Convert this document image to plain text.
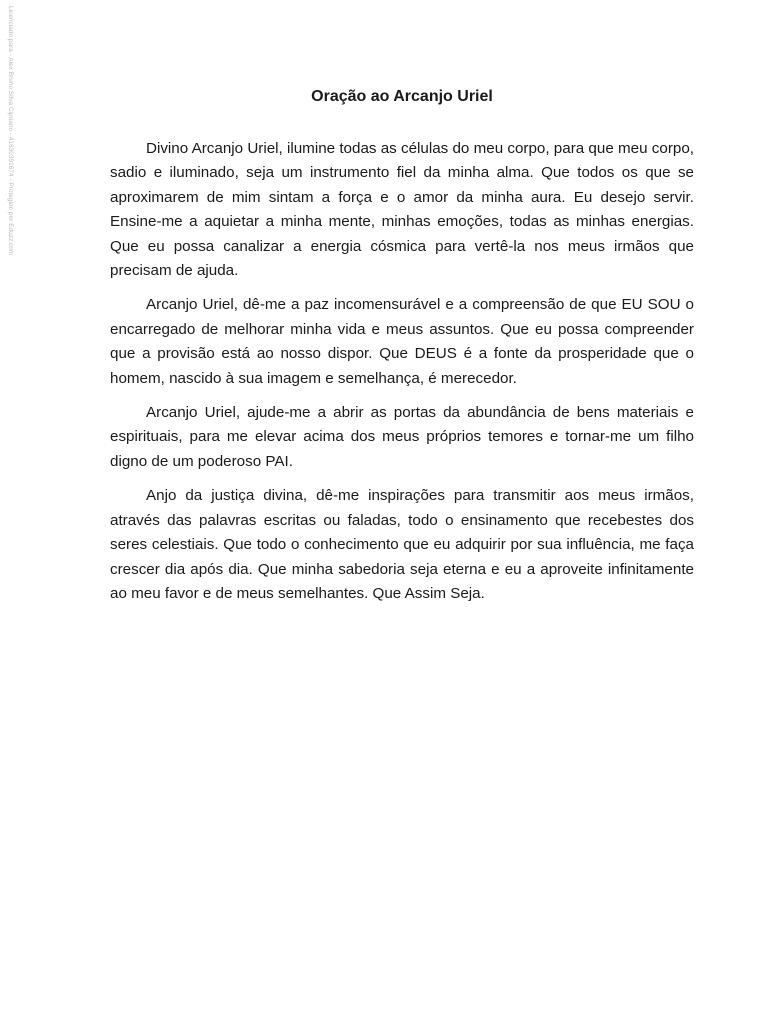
Licenciado para - Alex Bruno Silva Cipriano - 41630391674 - Protegido por Eduzz.com	Oração ao Arcanjo Uriel

Divino Arcanjo Uriel, ilumine todas as células do meu corpo, para que meu corpo, sadio e iluminado, seja um instrumento fiel da minha alma. Que todos os que se aproximarem de mim sintam a força e o amor da minha aura. Eu desejo servir. Ensine-me a aquietar a minha mente, minhas emoções, todas as minhas energias. Que eu possa canalizar a energia cósmica para vertê-la nos meus irmãos que precisam de ajuda.

Arcanjo Uriel, dê-me a paz incomensurável e a compreensão de que EU SOU o encarregado de melhorar minha vida e meus assuntos. Que eu possa compreender que a provisão está ao nosso dispor. Que DEUS é a fonte da prosperidade que o homem, nascido à sua imagem e semelhança, é merecedor.

Arcanjo Uriel, ajude-me a abrir as portas da abundância de bens materiais e espirituais, para me elevar acima dos meus próprios temores e tornar-me um filho digno de um poderoso PAI.

Anjo da justiça divina, dê-me inspirações para transmitir aos meus irmãos, através das palavras escritas ou faladas, todo o ensinamento que recebestes dos seres celestiais. Que todo o conhecimento que eu adquirir por sua influência, me faça crescer dia após dia. Que minha sabedoria seja eterna e eu a aproveite infinitamente ao meu favor e de meus semelhantes. Que Assim Seja.
